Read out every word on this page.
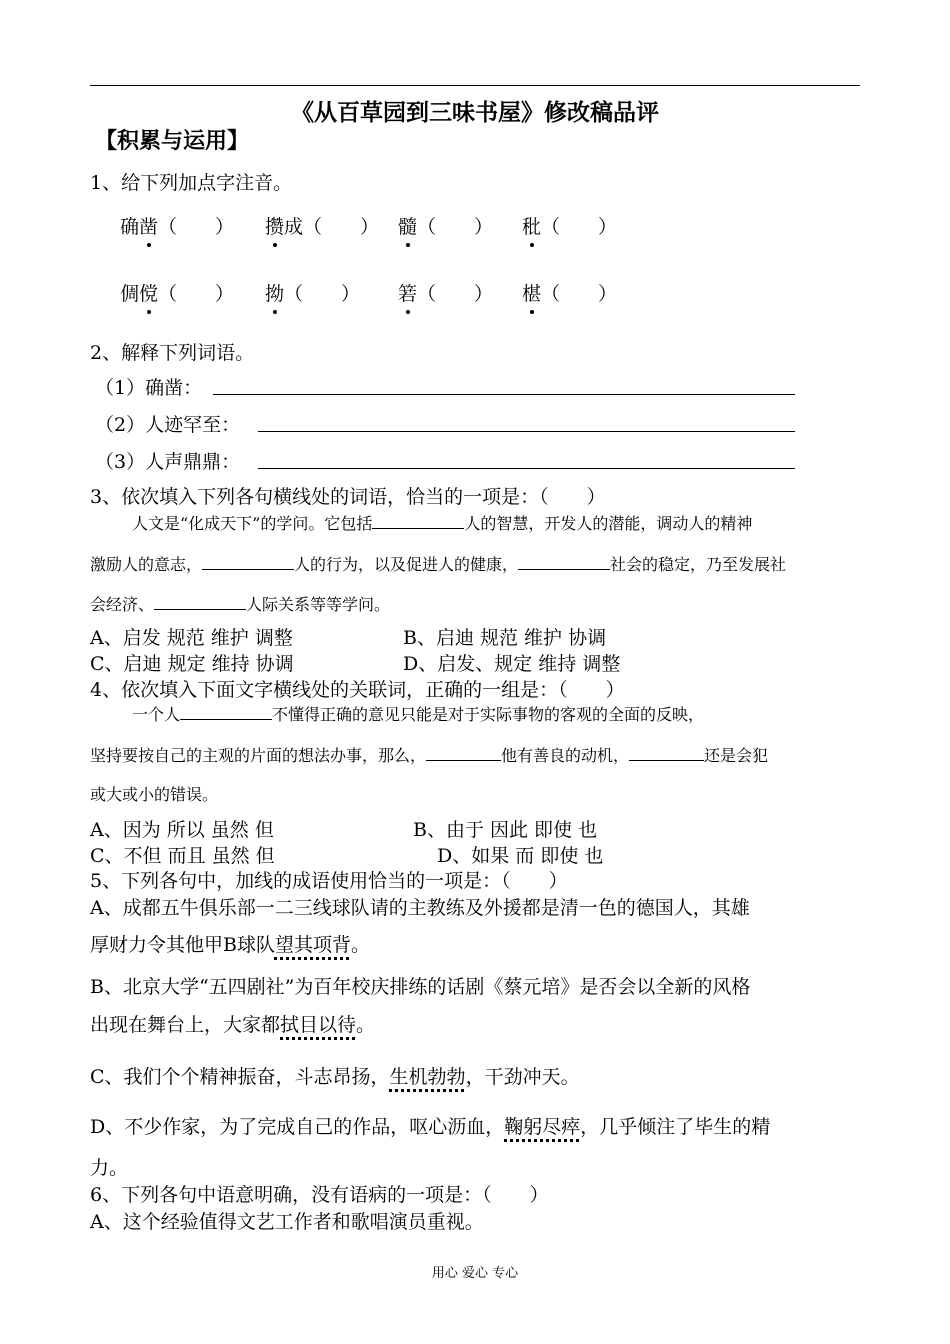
《从百草园到三味书屋》修改稿品评
【积累与运用】
1、给下列加点字注音。
确凿（　　） 攒成（　　） 髓（　　） 秕（　　）
倜傥（　　） 拗（　　） 箬（　　） 椹（　　）
2、解释下列词语。
（1）确凿：
（2）人迹罕至：
（3）人声鼎鼎：
3、依次填入下列各句横线处的词语，恰当的一项是：（　　）
人文是“化成天下”的学问。它包括	人的智慧，开发人的潜能，调动人的精神
激励人的意志，	人的行为，以及促进人的健康，	社会的稳定，乃至发展社
会经济、	人际关系等等学问。
A、启发 规范 维护 调整	B、启迪 规范 维护 协调
C、启迪 规定 维持 协调	D、启发、规定 维持 调整
4、依次填入下面文字横线处的关联词，正确的一组是：（　　）
一个人	不懂得正确的意见只能是对于实际事物的客观的全面的反映，
坚持要按自己的主观的片面的想法办事，那么，	他有善良的动机，	还是会犯
或大或小的错误。
A、因为 所以 虽然 但	B、由于 因此 即使 也
C、不但 而且 虽然 但	D、如果 而 即使 也
5、下列各句中，加线的成语使用恰当的一项是：（　　）
A、成都五牛俱乐部一二三线球队请的主教练及外援都是清一色的德国人，其雄
厚财力令其他甲B球队望其项背。
B、北京大学“五四剧社”为百年校庆排练的话剧《蔡元培》是否会以全新的风格
出现在舞台上，大家都拭目以待。
C、我们个个精神振奋，斗志昂扬，生机勃勃，干劲冲天。
D、不少作家，为了完成自己的作品，呕心沥血，鞠躬尽瘁，几乎倾注了毕生的精
力。
6、下列各句中语意明确，没有语病的一项是：（　　）
A、这个经验值得文艺工作者和歌唱演员重视。
用心 爱心 专心
